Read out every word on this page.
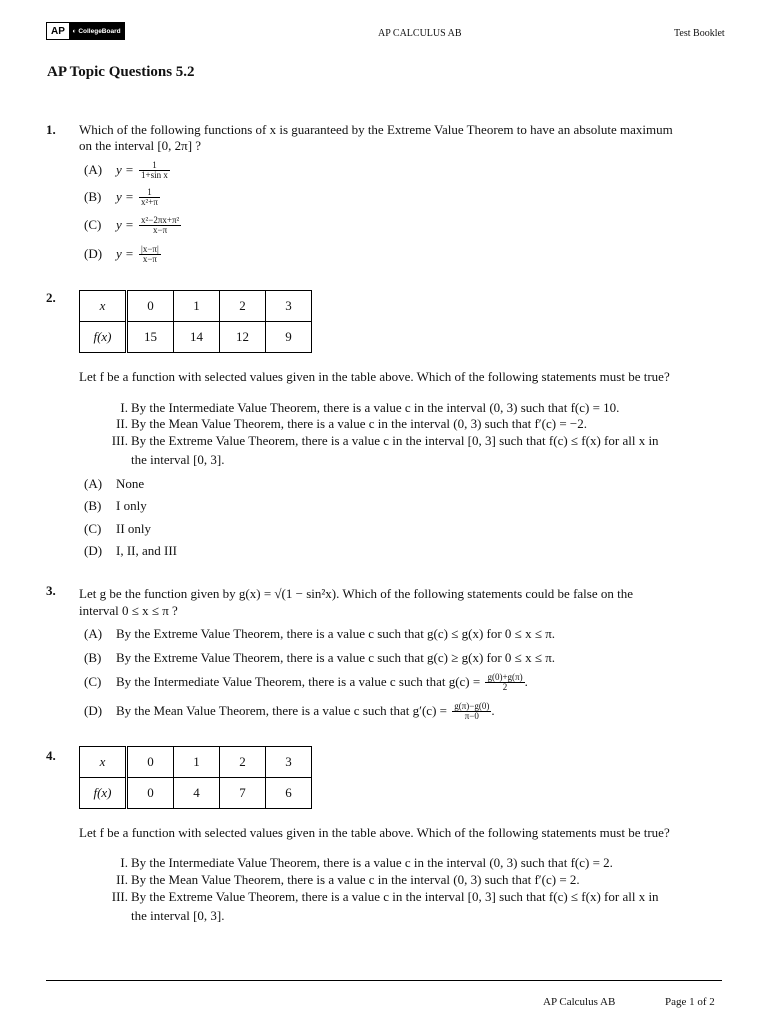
AP	◐ CollegeBoard	AP CALCULUS AB	Test Booklet
AP Topic Questions 5.2
1. Which of the following functions of x is guaranteed by the Extreme Value Theorem to have an absolute maximum
on the interval [0, 2π] ?
(A) $y = \frac{1}{\text{1+sin x}}$
(B) $y = \frac{1}{\text{x²+π}}$
(C) $y = \frac{\text{x²−2πx+π²}}{x-\pi}$
(D) $y = \frac{|x-\pi|}{x-\pi}$
2.
x	0	1	2	3
f(x)	15	14	12	9
Let f be a function with selected values given in the table above. Which of the following statements must be true?
I. By the Intermediate Value Theorem, there is a value c in the interval (0, 3) such that f(c) = 10.
II. By the Mean Value Theorem, there is a value c in the interval (0, 3) such that f′(c) = −2.
III. By the Extreme Value Theorem, there is a value c in the interval [0, 3] such that f(c) ≤ f(x) for all x in
the interval [0, 3].
(A) None
(B) I only
(C) II only
(D) I, II, and III
3. Let g be the function given by g(x) = √(1 − sin²x). Which of the following statements could be false on the
interval 0 ≤ x ≤ π ?
(A) By the Extreme Value Theorem, there is a value c such that g(c) ≤ g(x) for 0 ≤ x ≤ π.
(B) By the Extreme Value Theorem, there is a value c such that g(c) ≥ g(x) for 0 ≤ x ≤ π.
(C) By the Intermediate Value Theorem, there is a value c such that $g(c) = \frac{g(0)+g(\pi)}{2}$ .
(D) By the Mean Value Theorem, there is a value c such that $g'(c) = \frac{g(\pi)-g(0)}{\pi-0}$ .
4.	x	0	1	2	3
f(x)	0	4	7	6
Let f be a function with selected values given in the table above. Which of the following statements must be true?
I. By the Intermediate Value Theorem, there is a value c in the interval (0, 3) such that f(c) = 2.
II. By the Mean Value Theorem, there is a value c in the interval (0, 3) such that f′(c) = 2.
III. By the Extreme Value Theorem, there is a value c in the interval [0, 3] such that f(c) ≤ f(x) for all x in
the interval [0, 3].
AP Calculus AB	Page 1 of 2
